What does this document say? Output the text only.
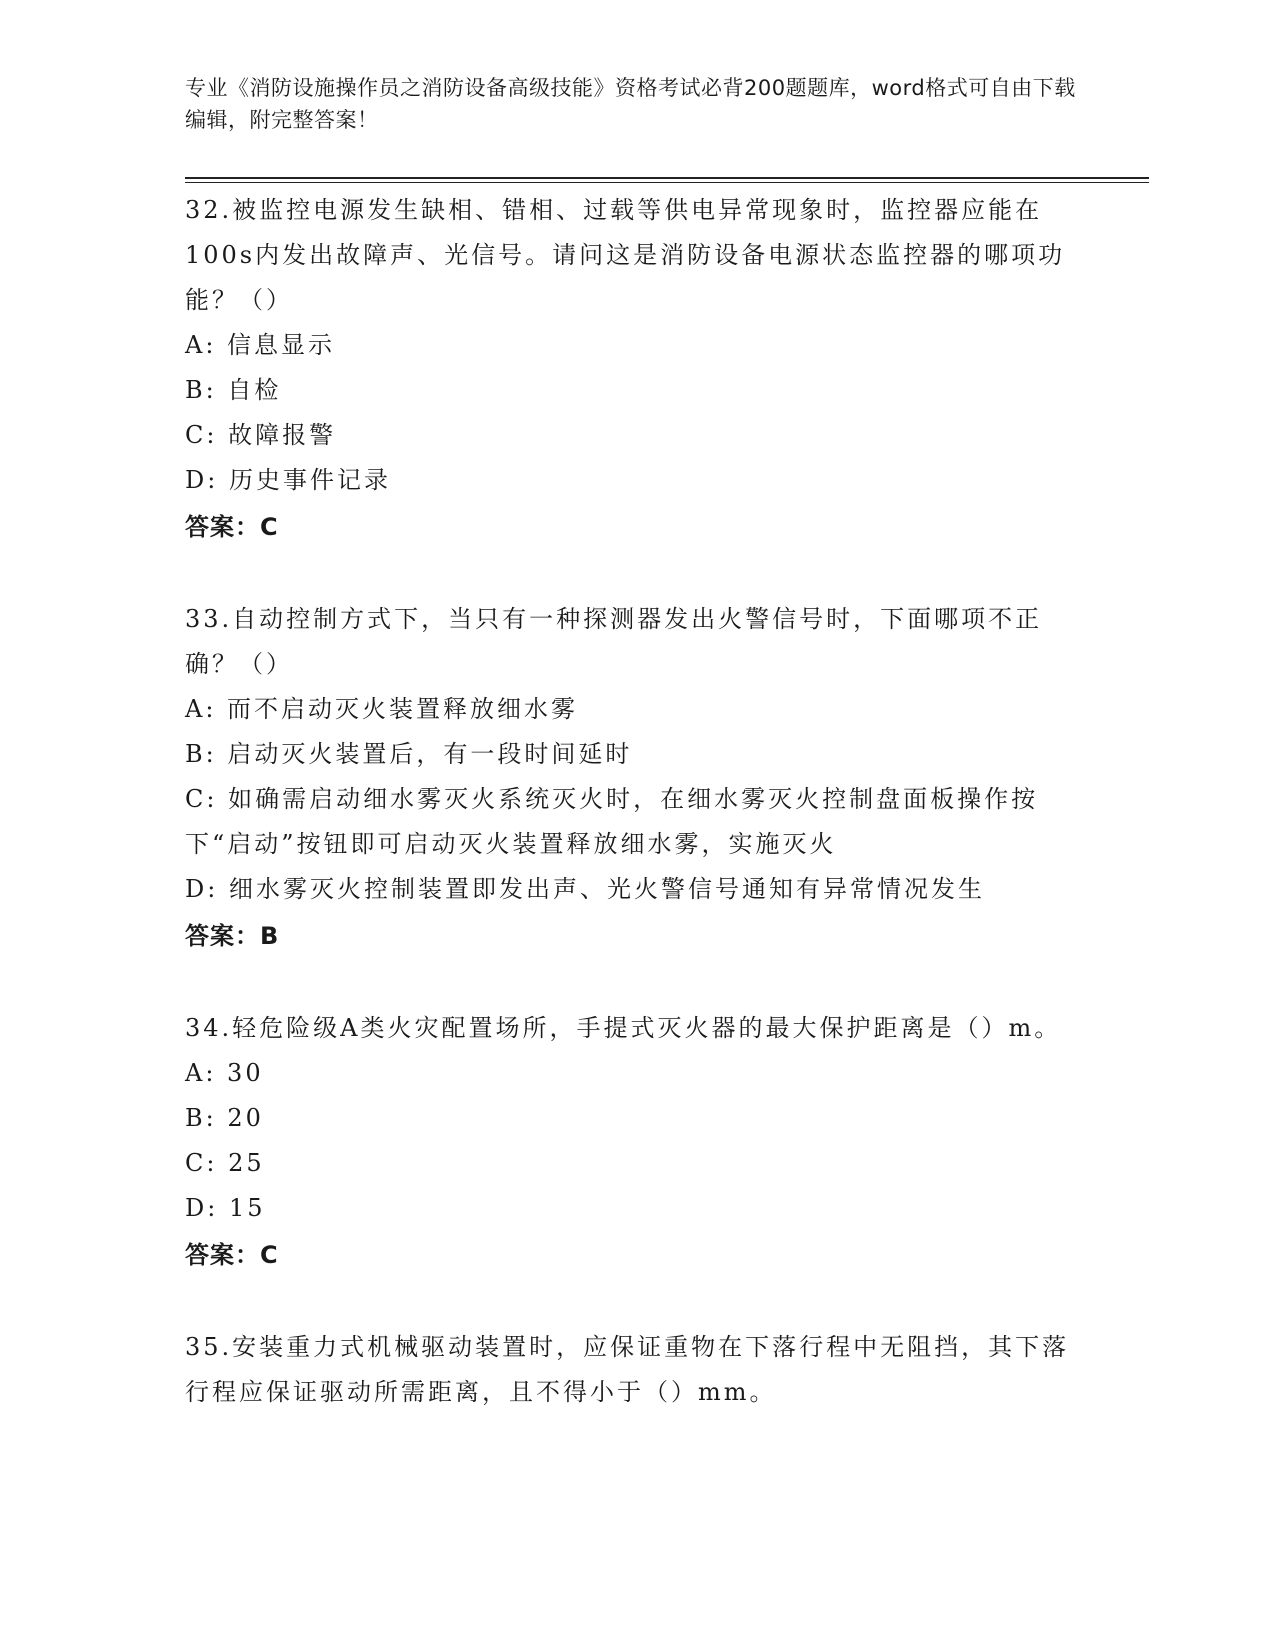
专业《消防设施操作员之消防设备高级技能》资格考试必背200题题库，word格式可自由下载编辑，附完整答案！

32.被监控电源发生缺相、错相、过载等供电异常现象时，监控器应能在100s内发出故障声、光信号。请问这是消防设备电源状态监控器的哪项功能？（）

A: 信息显示

B: 自检

C: 故障报警

D: 历史事件记录

答案：C

33.自动控制方式下，当只有一种探测器发出火警信号时，下面哪项不正确？（）

A: 而不启动灭火装置释放细水雾

B: 启动灭火装置后，有一段时间延时

C: 如确需启动细水雾灭火系统灭火时，在细水雾灭火控制盘面板操作按下“启动”按钮即可启动灭火装置释放细水雾，实施灭火

D: 细水雾灭火控制装置即发出声、光火警信号通知有异常情况发生

答案：B

34.轻危险级A类火灾配置场所，手提式灭火器的最大保护距离是（）m。

A: 30

B: 20

C: 25

D: 15

答案：C

35.安装重力式机械驱动装置时，应保证重物在下落行程中无阻挡，其下落行程应保证驱动所需距离，且不得小于（）mm。
